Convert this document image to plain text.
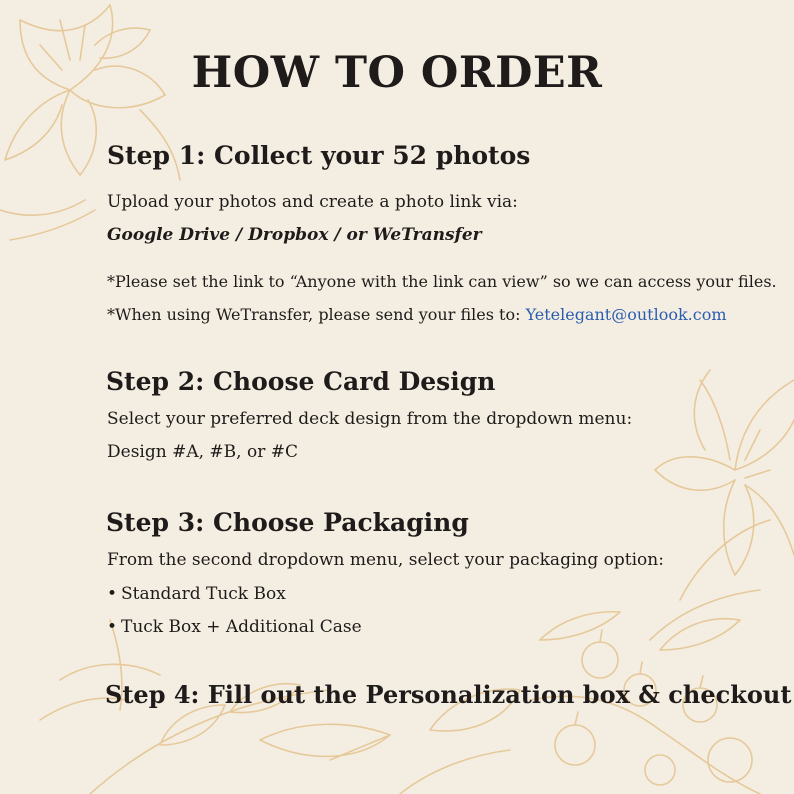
HOW TO ORDER
Step 1: Collect your 52 photos

Upload your photos and create a photo link via:

Google Drive / Dropbox / or WeTransfer

*Please set the link to “Anyone with the link can view” so we can access your files.

*When using WeTransfer, please send your files to: Yetelegant@outlook.com

Step 2: Choose Card Design

Select your preferred deck design from the dropdown menu:

Design #A, #B, or #C

Step 3: Choose Packaging

From the second dropdown menu, select your packaging option:

• Standard Tuck Box

• Tuck Box + Additional Case

Step 4: Fill out the Personalization box & checkout
